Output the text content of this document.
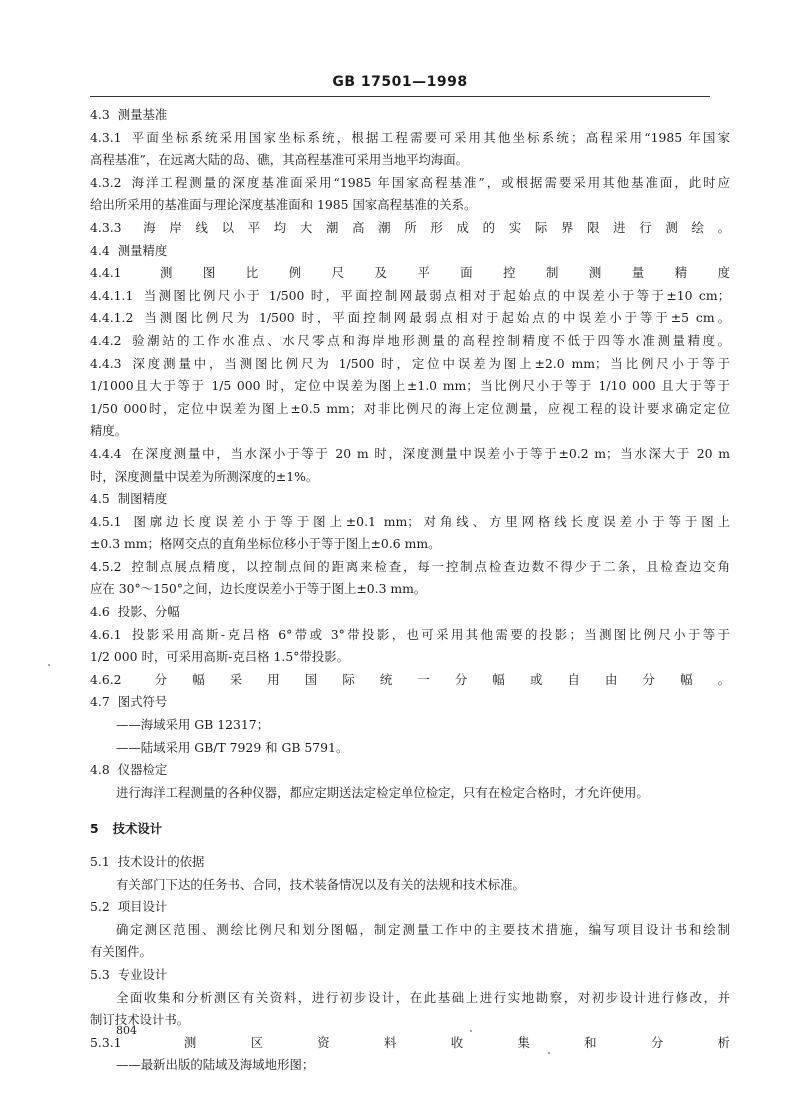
GB 17501—1998
4.3 测量基准
4.3.1 平面坐标系统采用国家坐标系统，根据工程需要可采用其他坐标系统；高程采用“1985 年国家
高程基准”，在远离大陆的岛、礁，其高程基准可采用当地平均海面。
4.3.2 海洋工程测量的深度基准面采用“1985 年国家高程基准”，或根据需要采用其他基准面，此时应
给出所采用的基准面与理论深度基准面和 1985 国家高程基准的关系。
4.3.3 海岸线以平均大潮高潮所形成的实际界限进行测绘。
4.4 测量精度
4.4.1 测图比例尺及平面控制测量精度
4.4.1.1 当测图比例尺小于 1/500 时，平面控制网最弱点相对于起始点的中误差小于等于±10 cm；
4.4.1.2 当测图比例尺为 1/500 时，平面控制网最弱点相对于起始点的中误差小于等于±5 cm。
4.4.2 验潮站的工作水准点、水尺零点和海岸地形测量的高程控制精度不低于四等水准测量精度。
4.4.3 深度测量中，当测图比例尺为 1/500 时，定位中误差为图上±2.0 mm；当比例尺小于等于
1/1000且大于等于 1/5 000 时，定位中误差为图上±1.0 mm；当比例尺小于等于 1/10 000 且大于等于
1/50 000时，定位中误差为图上±0.5 mm；对非比例尺的海上定位测量，应视工程的设计要求确定定位
精度。
4.4.4 在深度测量中，当水深小于等于 20 m 时，深度测量中误差小于等于±0.2 m；当水深大于 20 m
时，深度测量中误差为所测深度的±1%。
4.5 制图精度
4.5.1 图廓边长度误差小于等于图上±0.1 mm；对角线、方里网格线长度误差小于等于图上
±0.3 mm；格网交点的直角坐标位移小于等于图上±0.6 mm。
4.5.2 控制点展点精度，以控制点间的距离来检查，每一控制点检查边数不得少于二条，且检查边交角
应在 30°～150°之间，边长度误差小于等于图上±0.3 mm。
4.6 投影、分幅
4.6.1 投影采用高斯-克吕格 6°带或 3°带投影，也可采用其他需要的投影；当测图比例尺小于等于
1/2 000 时，可采用高斯-克吕格 1.5°带投影。
4.6.2 分幅采用国际统一分幅或自由分幅。
4.7 图式符号
——海域采用 GB 12317；
——陆域采用 GB/T 7929 和 GB 5791。
4.8 仪器检定
进行海洋工程测量的各种仪器，都应定期送法定检定单位检定，只有在检定合格时，才允许使用。
5 技术设计
5.1 技术设计的依据
有关部门下达的任务书、合同，技术装备情况以及有关的法规和技术标准。
5.2 项目设计
确定测区范围、测绘比例尺和划分图幅，制定测量工作中的主要技术措施，编写项目设计书和绘制
有关图件。
5.3 专业设计
全面收集和分析测区有关资料，进行初步设计，在此基础上进行实地勘察，对初步设计进行修改，并
制订技术设计书。
5.3.1 测区资料收集和分析
——最新出版的陆域及海域地形图；
804
